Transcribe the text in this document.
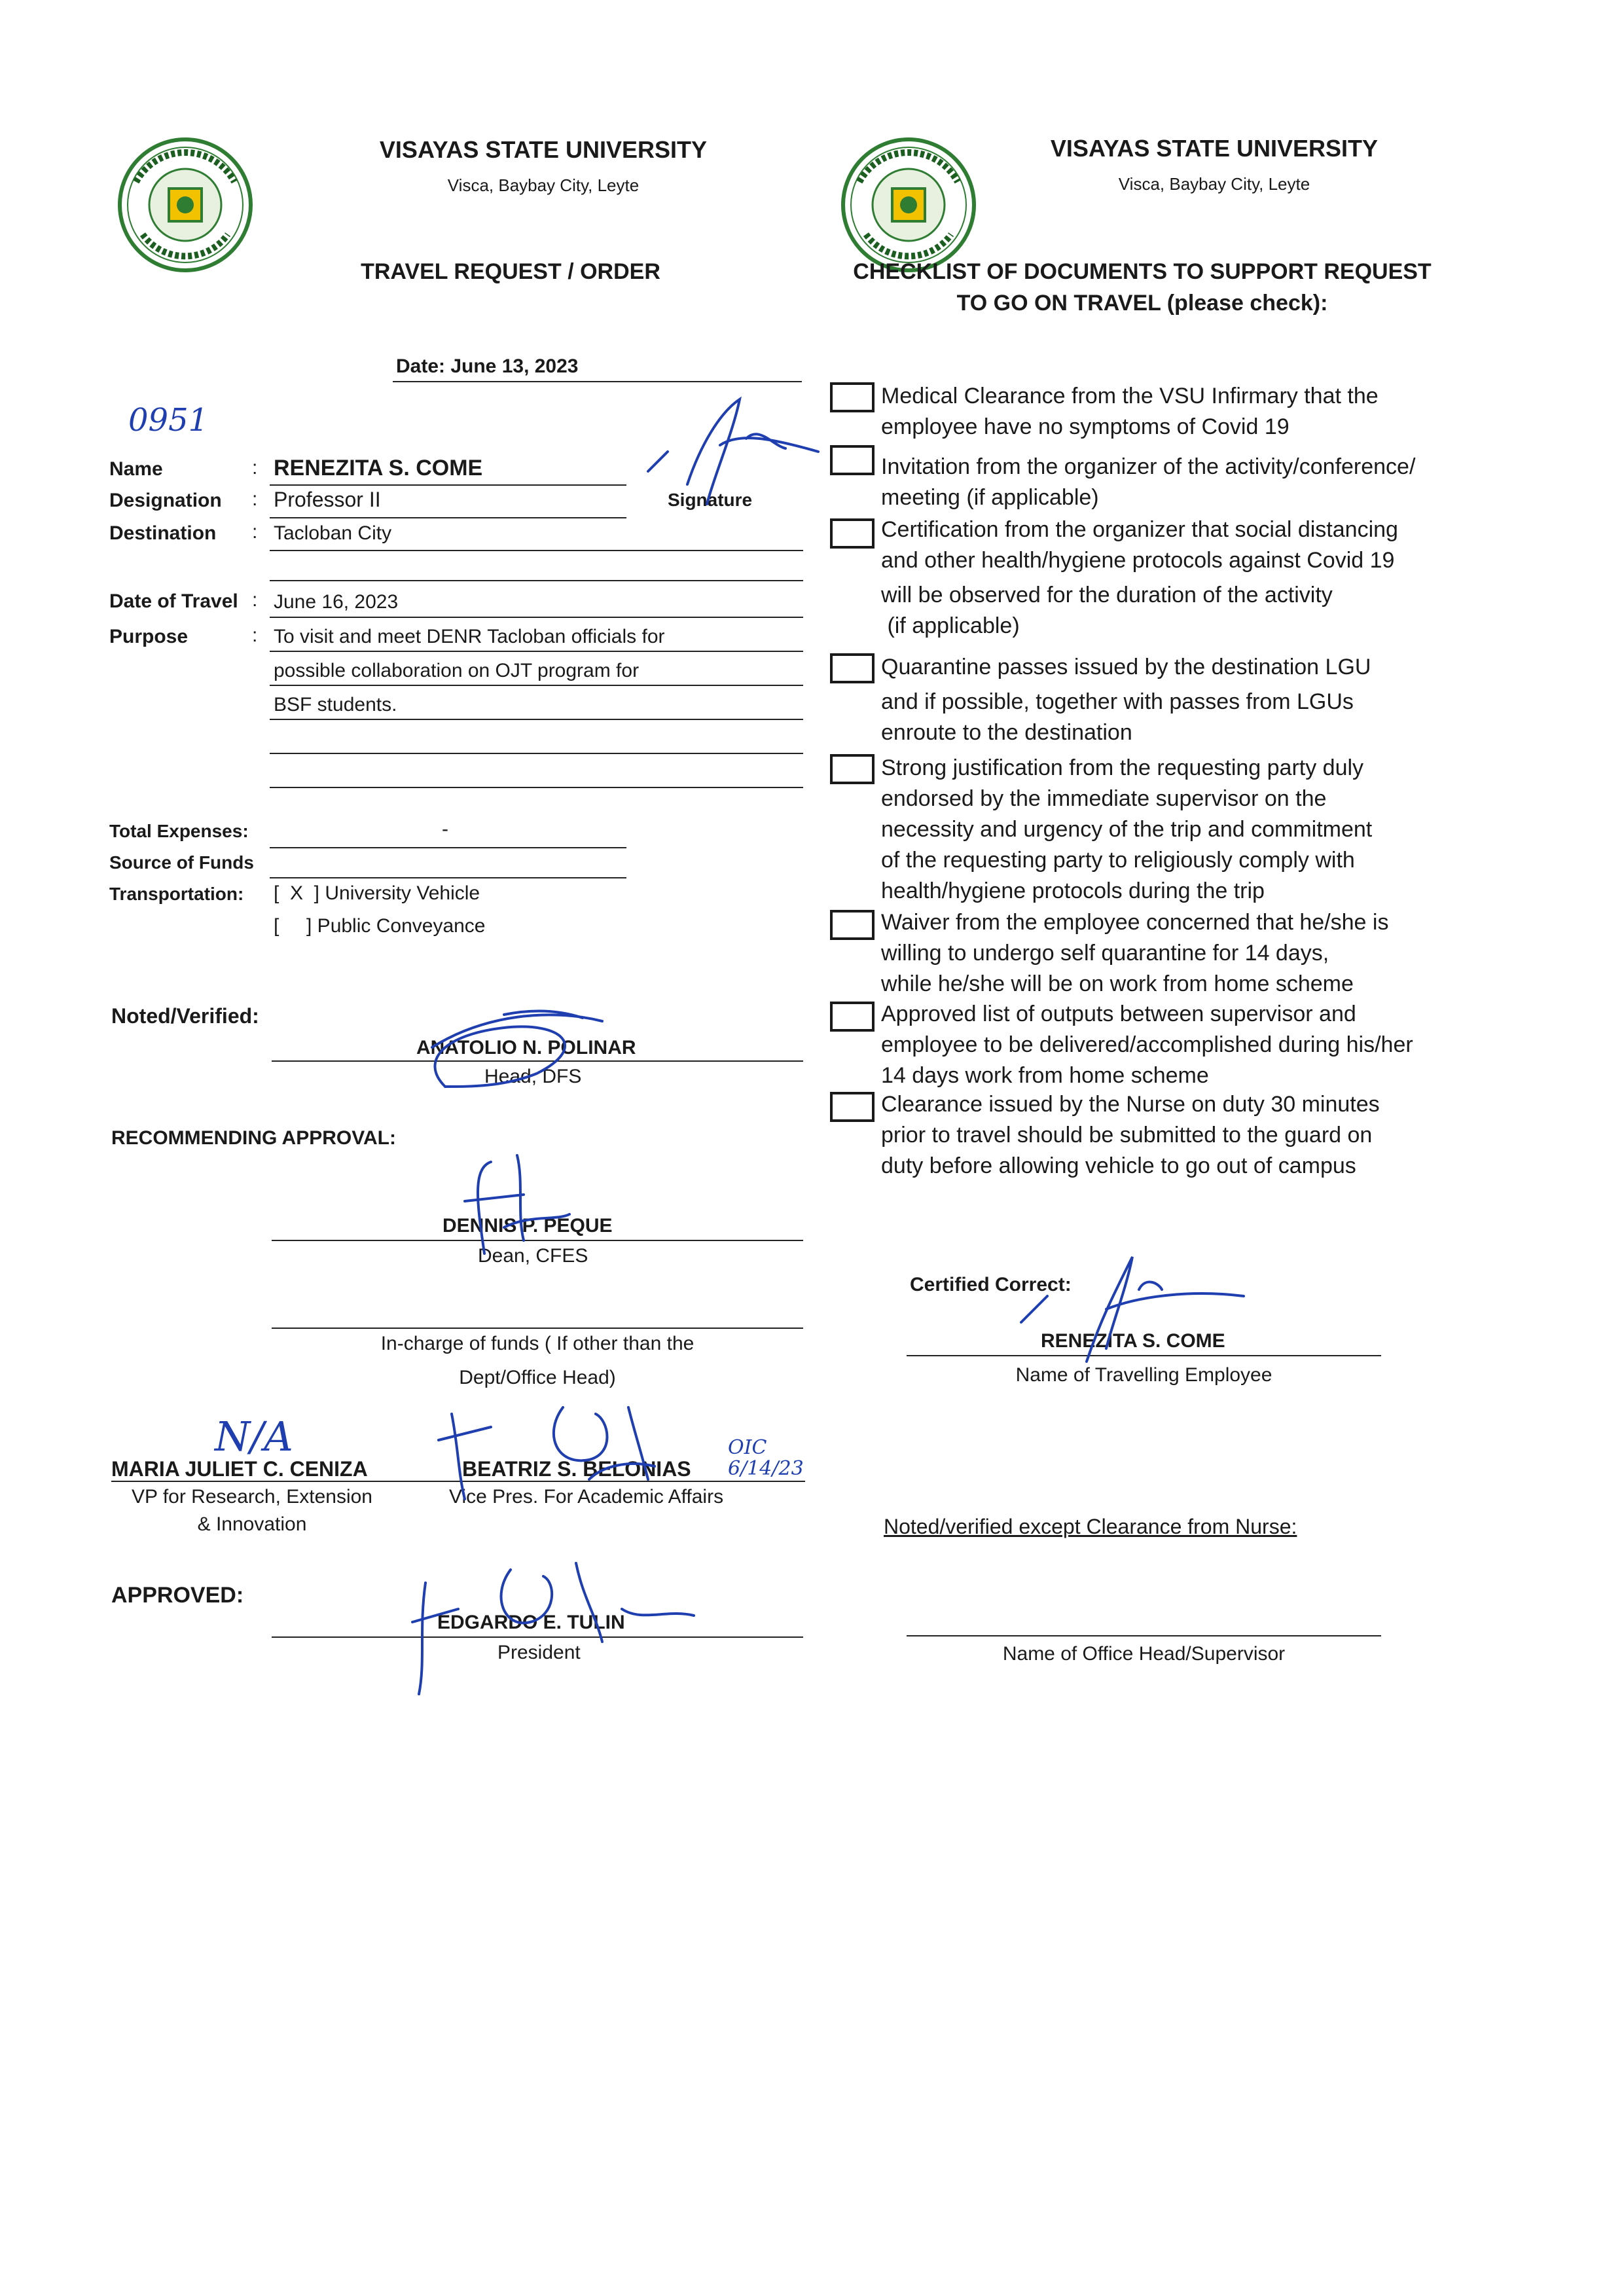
VISAYAS STATE UNIVERSITY
Visca, Baybay City, Leyte
TRAVEL REQUEST / ORDER
VISAYAS STATE UNIVERSITY
Visca, Baybay City, Leyte
CHECKLIST OF DOCUMENTS TO SUPPORT REQUEST
TO GO ON TRAVEL (please check):
Date: June 13, 2023
0951
Name	: RENEZITA S. COME
Signature
Designation : Professor II
Destination : Tacloban City
Date of Travel : June 16, 2023
Purpose	: To visit and meet DENR Tacloban officials for
possible collaboration on OJT program for
BSF students.
Total Expenses:	-
Source of Funds
Transportation: [  X  ] University Vehicle
[     ] Public Conveyance
Noted/Verified:
ANATOLIO N. POLINAR
Head, DFS
RECOMMENDING APPROVAL:
DENNIS P. PEQUE
Dean, CFES
In-charge of funds ( If other than the
Dept/Office Head)
N/A
MARIA JULIET C. CENIZA
VP for Research, Extension
& Innovation
BEATRIZ S. BELONIAS
Vice Pres. For Academic Affairs
OIC 6/14/23
APPROVED:
EDGARDO E. TULIN
President
Medical Clearance from the VSU Infirmary that the
employee have no symptoms of Covid 19
Invitation from the organizer of the activity/conference/
meeting (if applicable)
Certification from the organizer that social distancing
and other health/hygiene protocols against Covid 19
will be observed for the duration of the activity
(if applicable)
Quarantine passes issued by the destination LGU
and if possible, together with passes from LGUs
enroute to the destination
Strong justification from the requesting party duly
endorsed by the immediate supervisor on the
necessity and urgency of the trip and commitment
of the requesting party to religiously comply with
health/hygiene protocols during the trip
Waiver from the employee concerned that he/she is
willing to undergo self quarantine for 14 days,
while he/she will be on work from home scheme
Approved list of outputs between supervisor and
employee to be delivered/accomplished during his/her
14 days work from home scheme
Clearance issued by the Nurse on duty 30 minutes
prior to travel should be submitted to the guard on
duty before allowing vehicle to go out of campus
Certified Correct:
RENEZITA S. COME
Name of Travelling Employee
Noted/verified except Clearance from Nurse:
Name of Office Head/Supervisor
